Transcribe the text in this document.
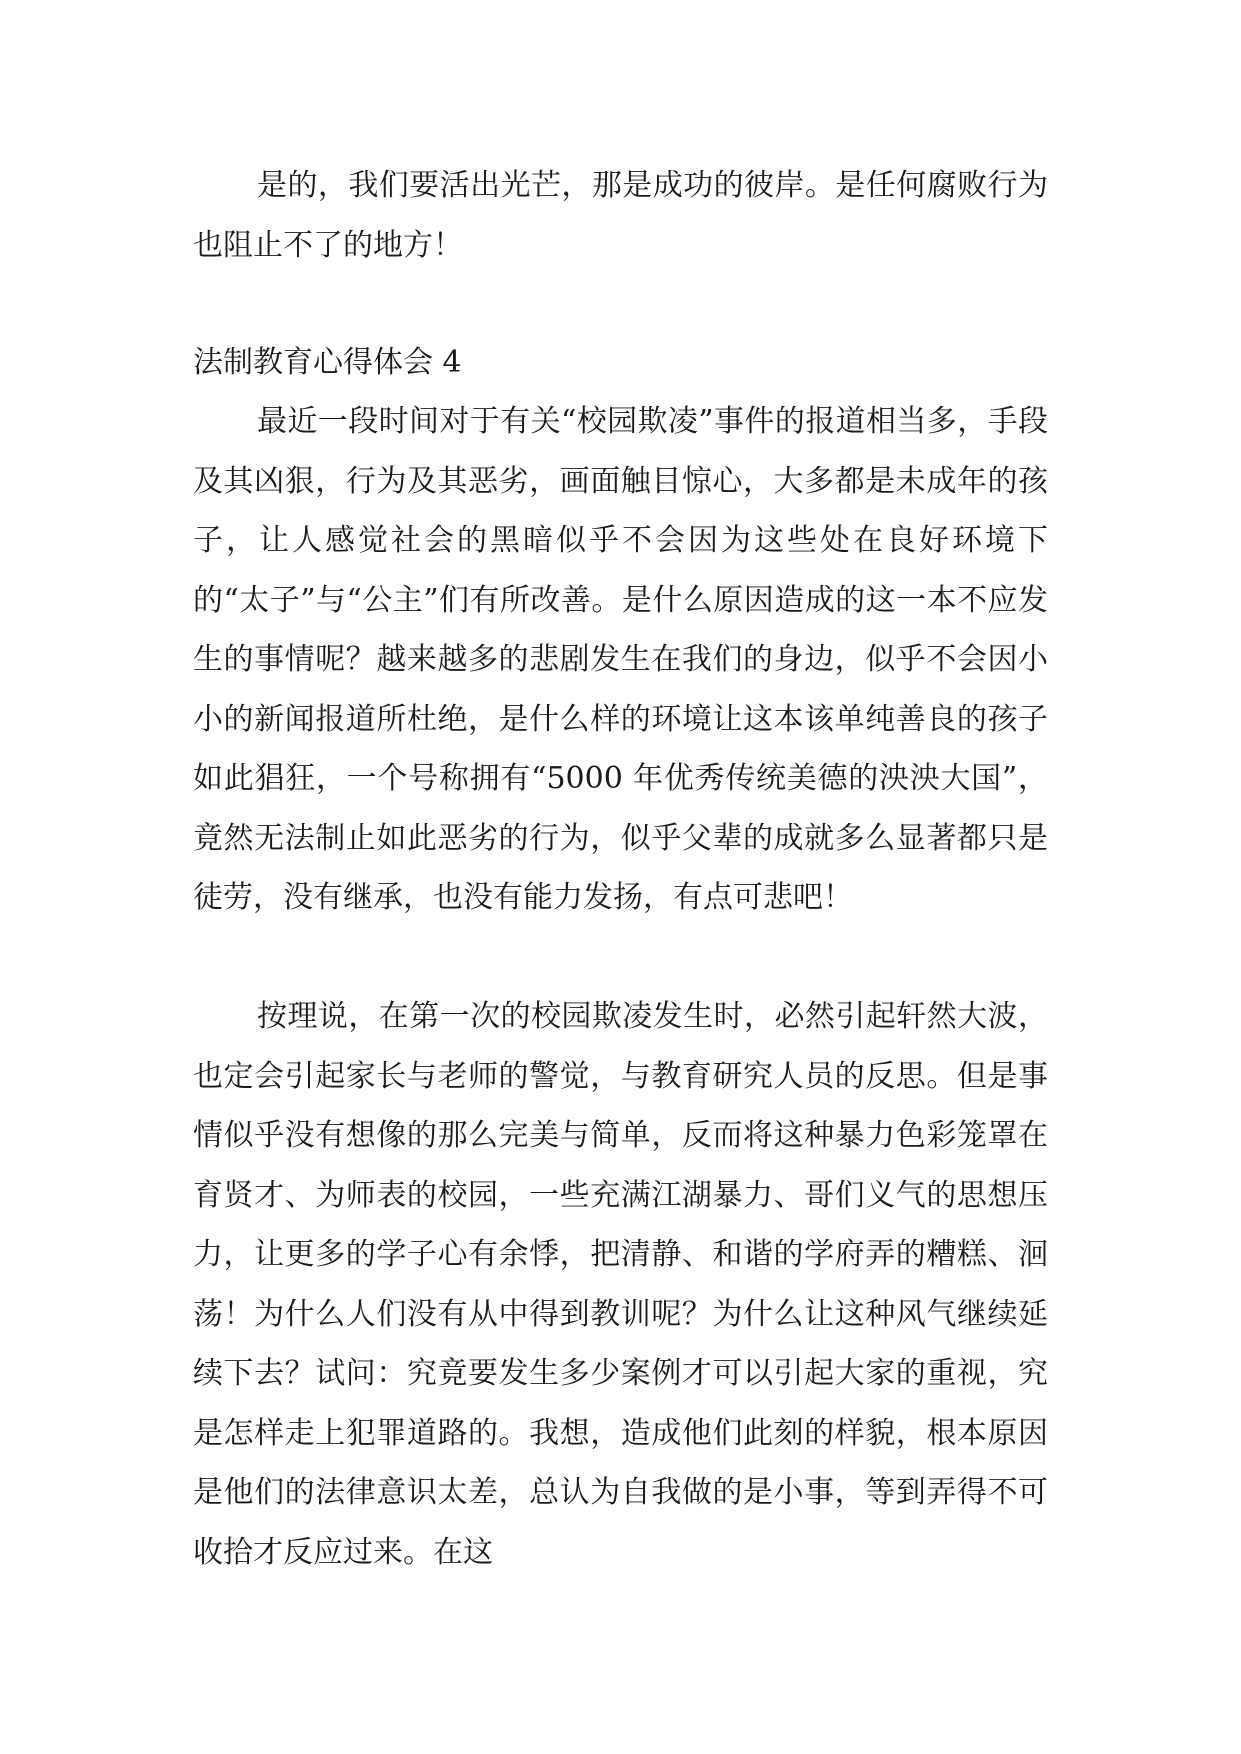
是的，我们要活出光芒，那是成功的彼岸。是任何腐败行为也阻止不了的地方！

法制教育心得体会 4

最近一段时间对于有关“校园欺凌”事件的报道相当多，手段及其凶狠，行为及其恶劣，画面触目惊心，大多都是未成年的孩子，让人感觉社会的黑暗似乎不会因为这些处在良好环境下的“太子”与“公主”们有所改善。是什么原因造成的这一本不应发生的事情呢？越来越多的悲剧发生在我们的身边，似乎不会因小小的新闻报道所杜绝，是什么样的环境让这本该单纯善良的孩子如此猖狂，一个号称拥有“5000 年优秀传统美德的泱泱大国”，竟然无法制止如此恶劣的行为，似乎父辈的成就多么显著都只是徒劳，没有继承，也没有能力发扬，有点可悲吧！

按理说，在第一次的校园欺凌发生时，必然引起轩然大波，也定会引起家长与老师的警觉，与教育研究人员的反思。但是事情似乎没有想像的那么完美与简单，反而将这种暴力色彩笼罩在育贤才、为师表的校园，一些充满江湖暴力、哥们义气的思想压力，让更多的学子心有余悸，把清静、和谐的学府弄的糟糕、洄荡！为什么人们没有从中得到教训呢？为什么让这种风气继续延续下去？试问：究竟要发生多少案例才可以引起大家的重视，究是怎样走上犯罪道路的。我想，造成他们此刻的样貌，根本原因是他们的法律意识太差，总认为自我做的是小事，等到弄得不可收拾才反应过来。在这
